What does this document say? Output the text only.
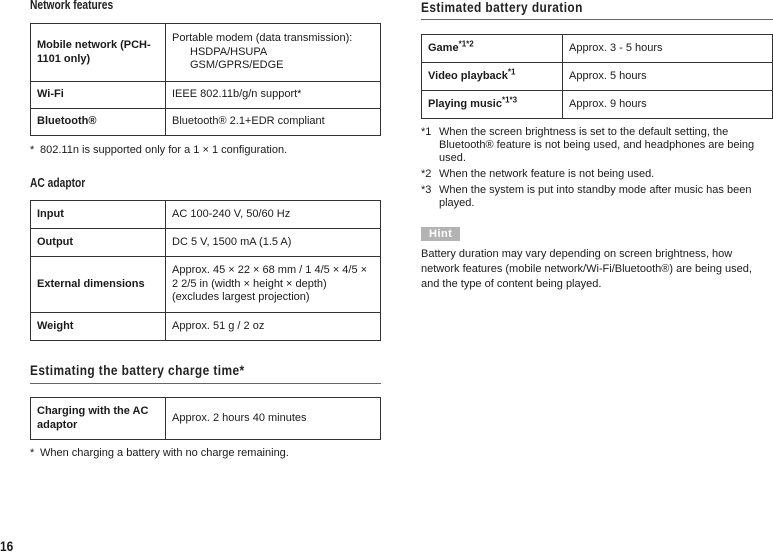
Network features
Mobile network (PCH-1101 only)	Portable modem (data transmission):
HSDPA/HSUPA
GSM/GPRS/EDGE

Wi-Fi	IEEE 802.11b/g/n support*
Bluetooth®	Bluetooth® 2.1+EDR compliant
* 802.11n is supported only for a 1 × 1 configuration.
AC adaptor
Input	AC 100-240 V, 50/60 Hz
Output	DC 5 V, 1500 mA (1.5 A)
External dimensions	Approx. 45 × 22 × 68 mm / 1 4/5 × 4/5 × 2 2/5 in (width × height × depth) (excludes largest projection)
Weight	Approx. 51 g / 2 oz
Estimating the battery charge time*
Charging with the AC adaptor	Approx. 2 hours 40 minutes
* When charging a battery with no charge remaining.
Estimated battery duration
Game$^{*1*2}$	Approx. 3 - 5 hours
Video playback$^{*1}$	Approx. 5 hours
Playing music$^{*1*3}$	Approx. 9 hours
*1 When the screen brightness is set to the default setting, the Bluetooth® feature is not being used, and headphones are being used.
*2 When the network feature is not being used.
*3 When the system is put into standby mode after music has been played.
Hint
Battery duration may vary depending on screen brightness, how network features (mobile network/Wi-Fi/Bluetooth®) are being used, and the type of content being played.
16
